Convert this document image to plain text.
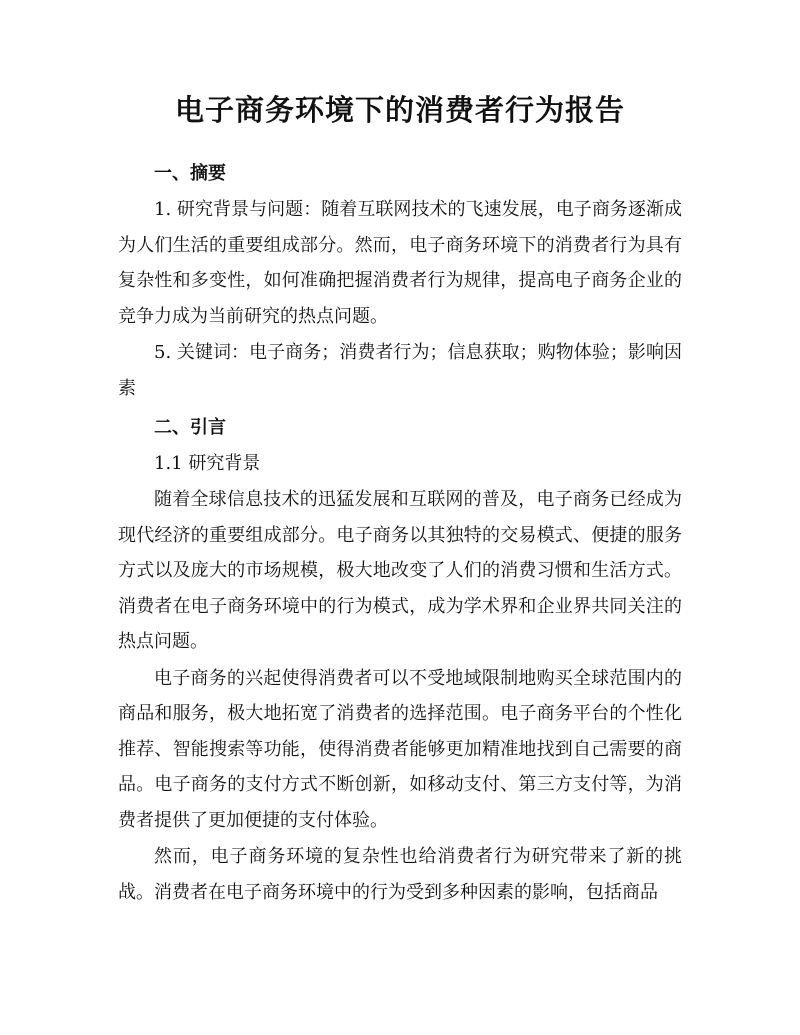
电子商务环境下的消费者行为报告
一、摘要

1. 研究背景与问题：随着互联网技术的飞速发展，电子商务逐渐成为人们生活的重要组成部分。然而，电子商务环境下的消费者行为具有复杂性和多变性，如何准确把握消费者行为规律，提高电子商务企业的竞争力成为当前研究的热点问题。

5. 关键词：电子商务；消费者行为；信息获取；购物体验；影响因素

二、引言
1.1 研究背景

随着全球信息技术的迅猛发展和互联网的普及，电子商务已经成为现代经济的重要组成部分。电子商务以其独特的交易模式、便捷的服务方式以及庞大的市场规模，极大地改变了人们的消费习惯和生活方式。消费者在电子商务环境中的行为模式，成为学术界和企业界共同关注的热点问题。

电子商务的兴起使得消费者可以不受地域限制地购买全球范围内的商品和服务，极大地拓宽了消费者的选择范围。电子商务平台的个性化推荐、智能搜索等功能，使得消费者能够更加精准地找到自己需要的商品。电子商务的支付方式不断创新，如移动支付、第三方支付等，为消费者提供了更加便捷的支付体验。

然而，电子商务环境的复杂性也给消费者行为研究带来了新的挑战。消费者在电子商务环境中的行为受到多种因素的影响，包括商品
